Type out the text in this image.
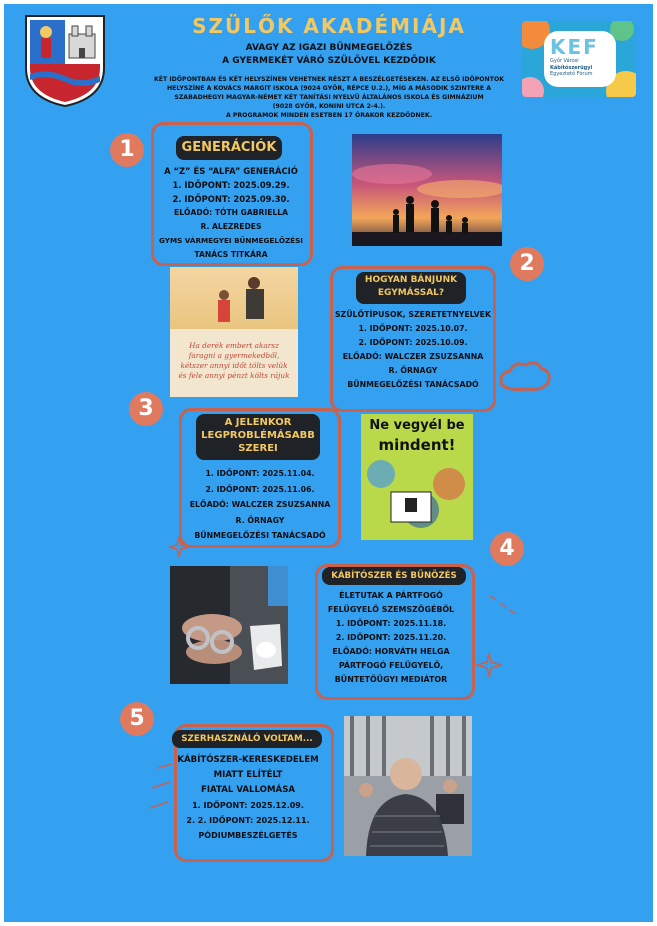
SZÜLŐK AKADÉMIÁJA
AVAGY AZ IGAZI BŰNMEGELŐZÉS
A GYERMEKÉT VÁRÓ SZÜLŐVEL KEZDŐDIK
KÉT IDŐPONTBAN ÉS KÉT HELYSZÍNEN VEHETNEK RÉSZT A BESZÉLGETÉSEKEN. AZ ELSŐ IDŐPONTOK
HELYSZÍNE A KOVÁCS MARGIT ISKOLA (9024 GYŐR, RÉPCE U.2.), MÍG A MÁSODIK SZINTERE A
SZABADHEGYI MAGYAR-NÉMET KÉT TANÍTÁSI NYELVŰ ÁLTALÁNOS ISKOLA ÉS GIMNÁZIUM
(9028 GYŐR, KONINI UTCA 2-4.).
A PROGRAMOK MINDEN ESETBEN 17 ÓRAKOR KEZDŐDNEK.
KEF
Győr Városi
Kábítószerügyi
Egyeztető Fórum
1	GENERÁCIÓK
A “Z” ÉS “ALFA” GENERÁCIÓ
1. IDŐPONT: 2025.09.29.
2. IDŐPONT: 2025.09.30.
ELŐADÓ: TÓTH GABRIELLA
R. ALEZREDES
GYMS VÁRMEGYEI BŰNMEGELŐZÉSI
TANÁCS TITKÁRA	2
HOGYAN BÁNJUNK
EGYMÁSSAL?
SZÜLŐTÍPUSOK, SZERETETNYELVEK
1. IDŐPONT: 2025.10.07.
2. IDŐPONT: 2025.10.09.
ELŐADÓ: WALCZER ZSUZSANNA
R. ŐRNAGY
BŰNMEGELŐZÉSI TANÁCSADÓ
Ha derék embert akarsz faragni a gyermekedből, kétszer annyi időt tölts velük és fele annyi pénzt költs rájuk
3
A JELENKOR
LEGPROBLÉMÁSABB
SZEREI
1. IDŐPONT: 2025.11.04.
2. IDŐPONT: 2025.11.06.
ELŐADÓ: WALCZER ZSUZSANNA
R. ŐRNAGY
BŰNMEGELŐZÉSI TANÁCSADÓ
Ne vegyél be
mindent!
4
KÁBÍTÓSZER ÉS BŰNÖZÉS
ÉLETUTAK A PÁRTFOGÓ
FELÜGYELŐ SZEMSZÖGÉBŐL
1. IDŐPONT: 2025.11.18.
2. IDŐPONT: 2025.11.20.
ELŐADÓ: HORVÁTH HELGA
PÁRTFOGÓ FELÜGYELŐ,
BÜNTETŐÜGYI MEDIÁTOR
5
SZERHASZNÁLÓ VOLTAM...
KÁBÍTÓSZER-KERESKEDELEM
MIATT ELÍTÉLT
FIATAL VALLOMÁSA
1. IDŐPONT: 2025.12.09.
2. 2. IDŐPONT: 2025.12.11.
PÓDIUMBESZÉLGETÉS
